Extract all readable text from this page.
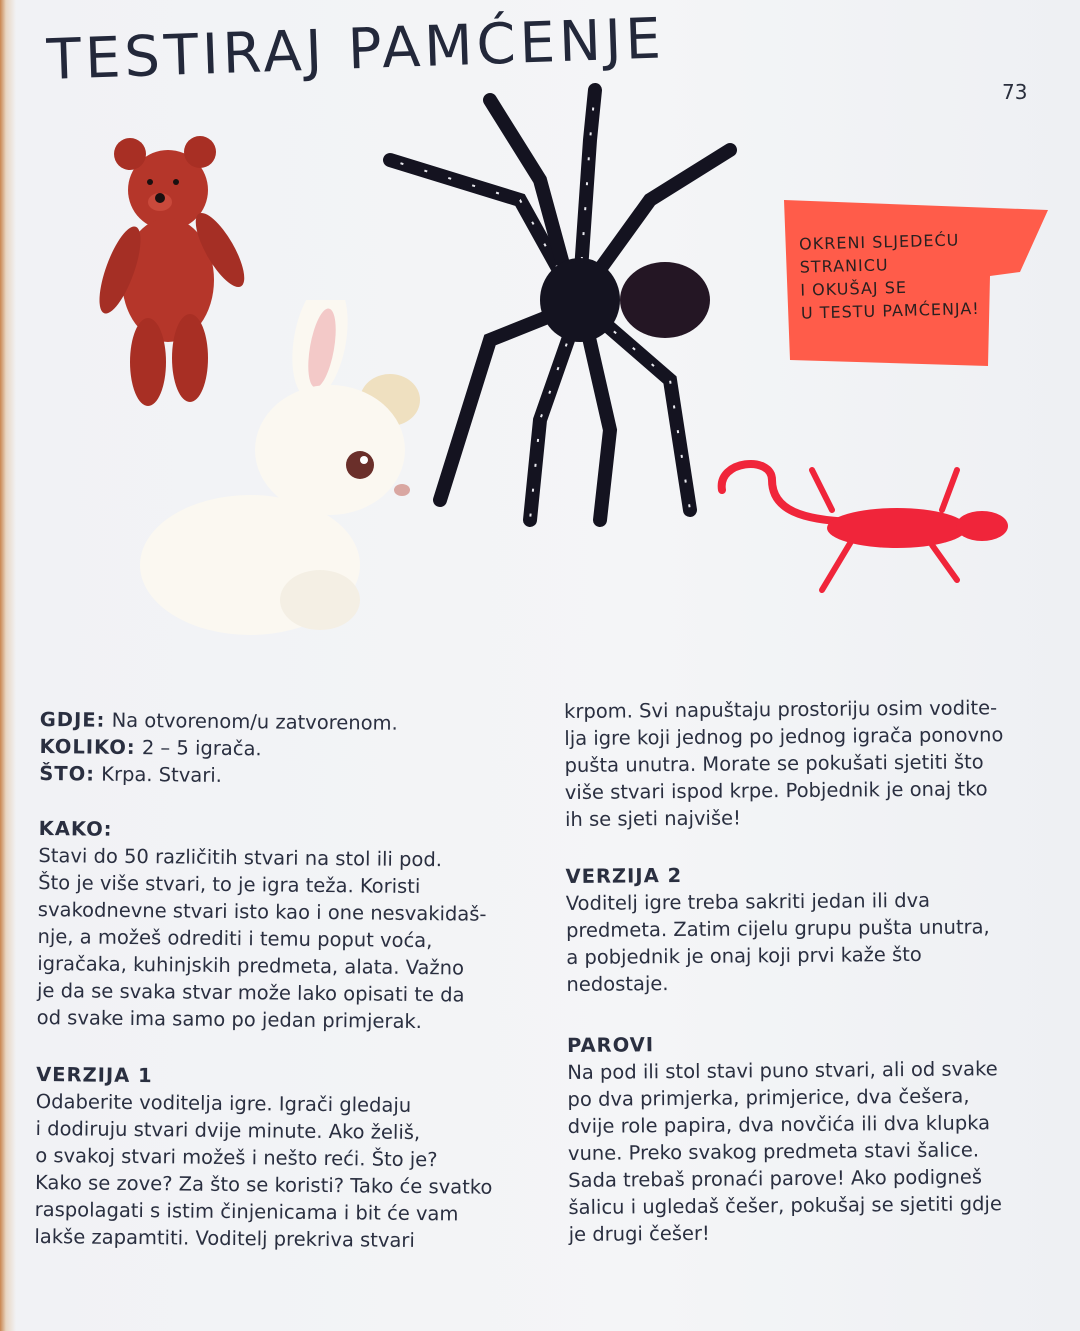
TESTIRAJ PAMĆENJE	73
OKRENI SLJEDEĆU
STRANICU
I OKUŠAJ SE
U TESTU PAMĆENJA!
GDJE: Na otvorenom/u zatvorenom.
KOLIKO: 2 – 5 igrača.
ŠTO: Krpa. Stvari.
KAKO:
Stavi do 50 različitih stvari na stol ili pod.
Što je više stvari, to je igra teža. Koristi
svakodnevne stvari isto kao i one nesvakidaš-
nje, a možeš odrediti i temu poput voća,
igračaka, kuhinjskih predmeta, alata. Važno
je da se svaka stvar može lako opisati te da
od svake ima samo po jedan primjerak.
VERZIJA 1
Odaberite voditelja igre. Igrači gledaju
i dodiruju stvari dvije minute. Ako želiš,
o svakoj stvari možeš i nešto reći. Što je?
Kako se zove? Za što se koristi? Tako će svatko
raspolagati s istim činjenicama i bit će vam
lakše zapamtiti. Voditelj prekriva stvari
krpom. Svi napuštaju prostoriju osim vodite-
lja igre koji jednog po jednog igrača ponovno
pušta unutra. Morate se pokušati sjetiti što
više stvari ispod krpe. Pobjednik je onaj tko
ih se sjeti najviše!
VERZIJA 2
Voditelj igre treba sakriti jedan ili dva
predmeta. Zatim cijelu grupu pušta unutra,
a pobjednik je onaj koji prvi kaže što
nedostaje.
PAROVI
Na pod ili stol stavi puno stvari, ali od svake
po dva primjerka, primjerice, dva češera,
dvije role papira, dva novčića ili dva klupka
vune. Preko svakog predmeta stavi šalice.
Sada trebaš pronaći parove! Ako podigneš
šalicu i ugledaš češer, pokušaj se sjetiti gdje
je drugi češer!
